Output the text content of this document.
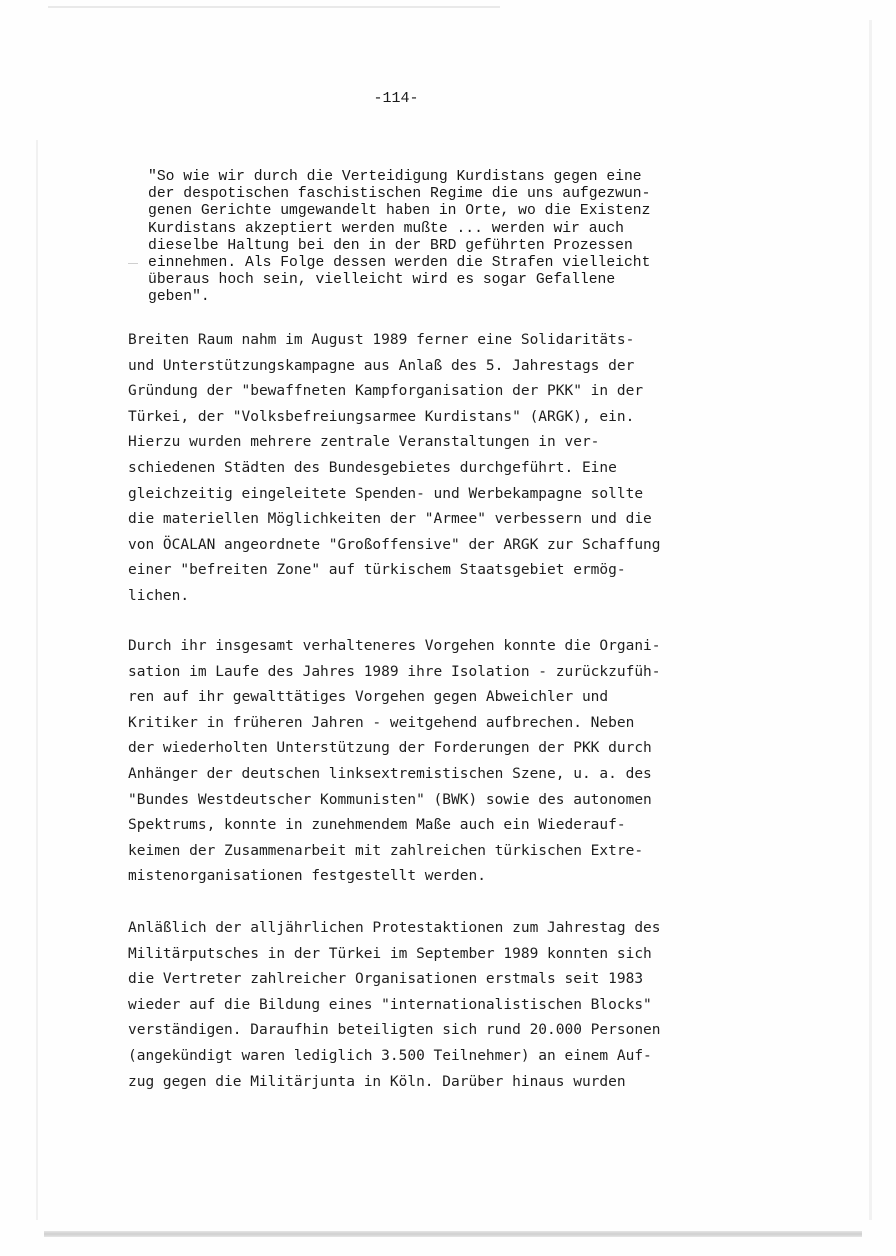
-114-

"So wie wir durch die Verteidigung Kurdistans gegen eine
der despotischen faschistischen Regime die uns aufgezwun-
genen Gerichte umgewandelt haben in Orte, wo die Existenz
Kurdistans akzeptiert werden mußte ... werden wir auch
dieselbe Haltung bei den in der BRD geführten Prozessen
einnehmen. Als Folge dessen werden die Strafen vielleicht
überaus hoch sein, vielleicht wird es sogar Gefallene
geben".

Breiten Raum nahm im August 1989 ferner eine Solidaritäts-
und Unterstützungskampagne aus Anlaß des 5. Jahrestags der
Gründung der "bewaffneten Kampforganisation der PKK" in der
Türkei, der "Volksbefreiungsarmee Kurdistans" (ARGK), ein.
Hierzu wurden mehrere zentrale Veranstaltungen in ver-
schiedenen Städten des Bundesgebietes durchgeführt. Eine
gleichzeitig eingeleitete Spenden- und Werbekampagne sollte
die materiellen Möglichkeiten der "Armee" verbessern und die
von ÖCALAN angeordnete "Großoffensive" der ARGK zur Schaffung
einer "befreiten Zone" auf türkischem Staatsgebiet ermög-
lichen.

Durch ihr insgesamt verhalteneres Vorgehen konnte die Organi-
sation im Laufe des Jahres 1989 ihre Isolation - zurückzufüh-
ren auf ihr gewalttätiges Vorgehen gegen Abweichler und
Kritiker in früheren Jahren - weitgehend aufbrechen. Neben
der wiederholten Unterstützung der Forderungen der PKK durch
Anhänger der deutschen linksextremistischen Szene, u. a. des
"Bundes Westdeutscher Kommunisten" (BWK) sowie des autonomen
Spektrums, konnte in zunehmendem Maße auch ein Wiederauf-
keimen der Zusammenarbeit mit zahlreichen türkischen Extre-
mistenorganisationen festgestellt werden.

Anläßlich der alljährlichen Protestaktionen zum Jahrestag des
Militärputsches in der Türkei im September 1989 konnten sich
die Vertreter zahlreicher Organisationen erstmals seit 1983
wieder auf die Bildung eines "internationalistischen Blocks"
verständigen. Daraufhin beteiligten sich rund 20.000 Personen
(angekündigt waren lediglich 3.500 Teilnehmer) an einem Auf-
zug gegen die Militärjunta in Köln. Darüber hinaus wurden
